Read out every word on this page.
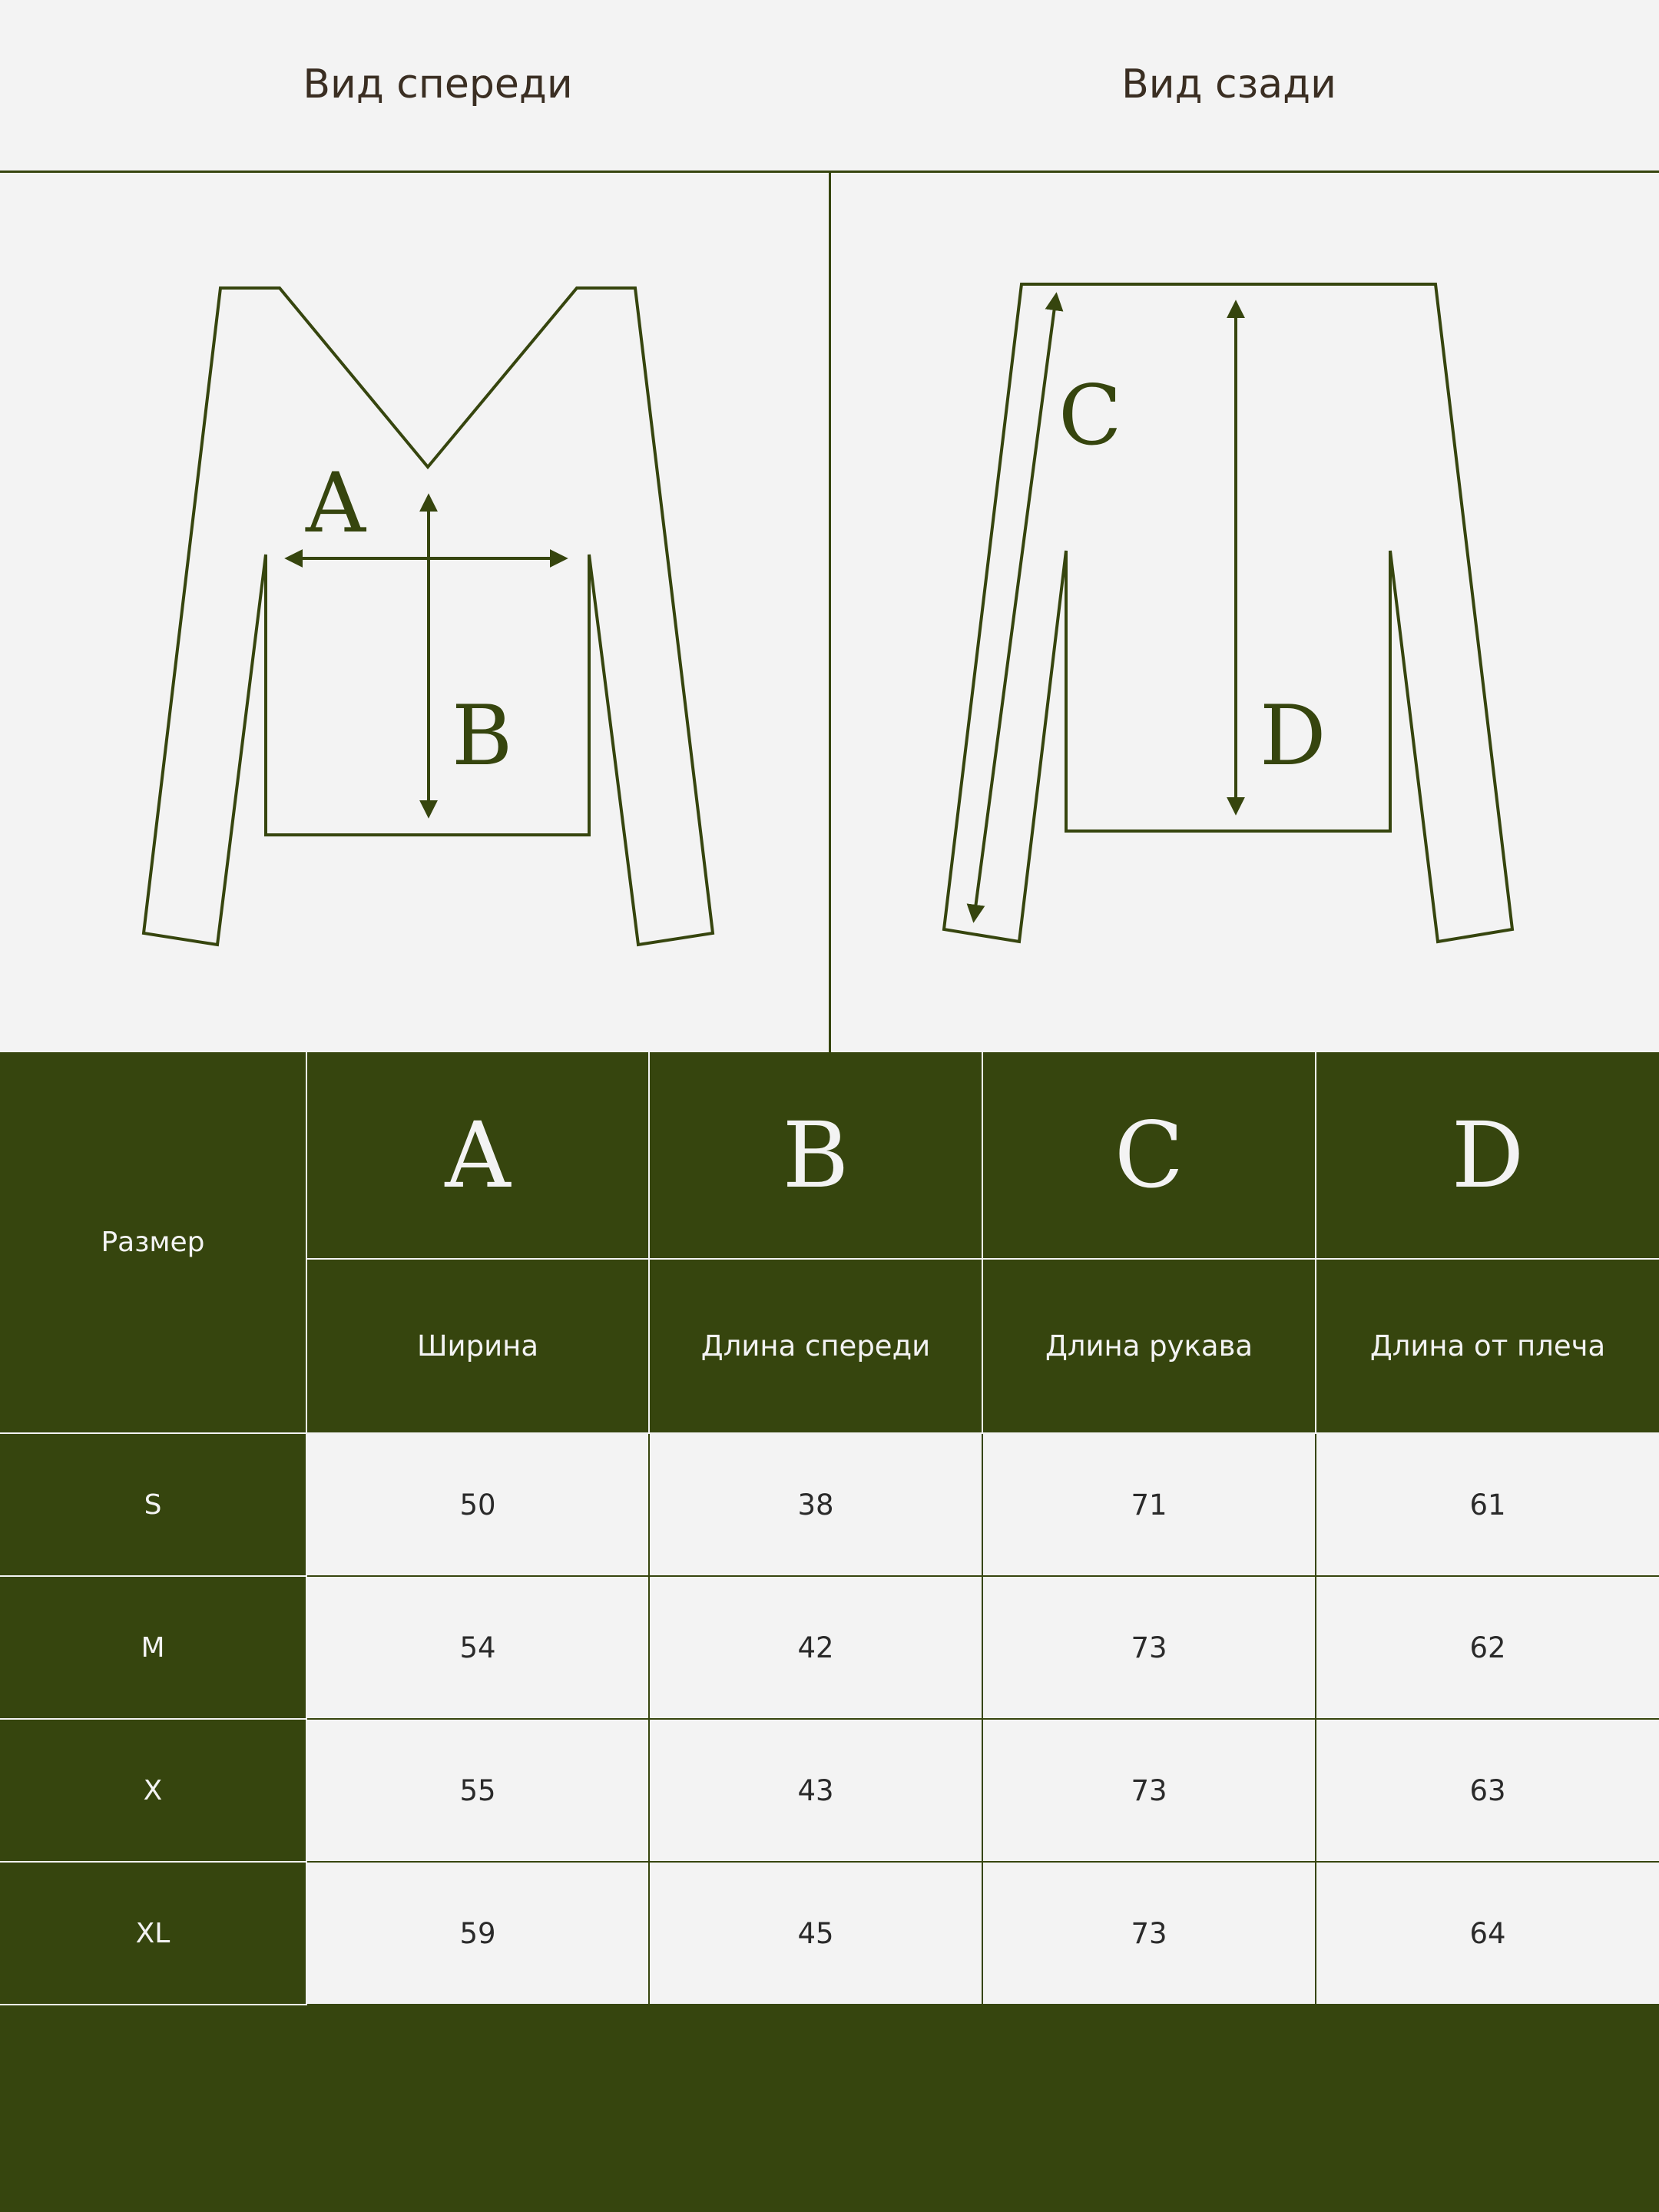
Вид спереди	Вид сзади
A
B
C
D
Размер
A	B	C	D
Ширина	Длина спереди	Длина рукава	Длина от плеча
S	50	38	71	61
M	54	42	73	62
X	55	43	73	63
XL	59	45	73	64
